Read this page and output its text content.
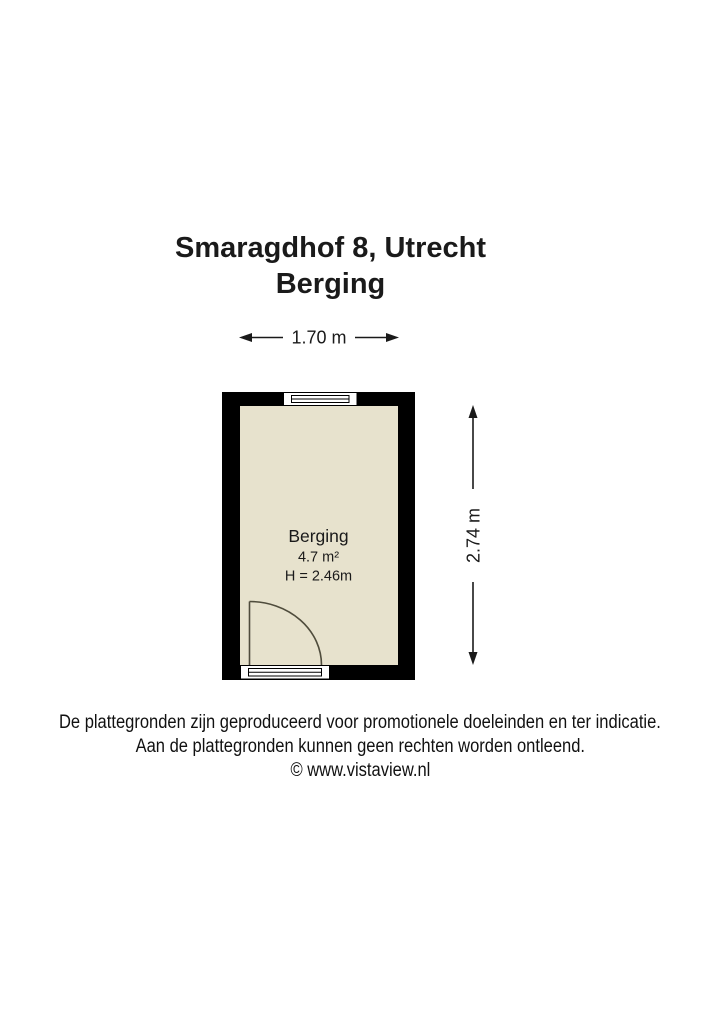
Smaragdhof 8, Utrecht
Berging
1.70 m
2.74 m
Berging
4.7 m²
H = 2.46m
De plattegronden zijn geproduceerd voor promotionele doeleinden en ter indicatie.
Aan de plattegronden kunnen geen rechten worden ontleend.
© www.vistaview.nl
